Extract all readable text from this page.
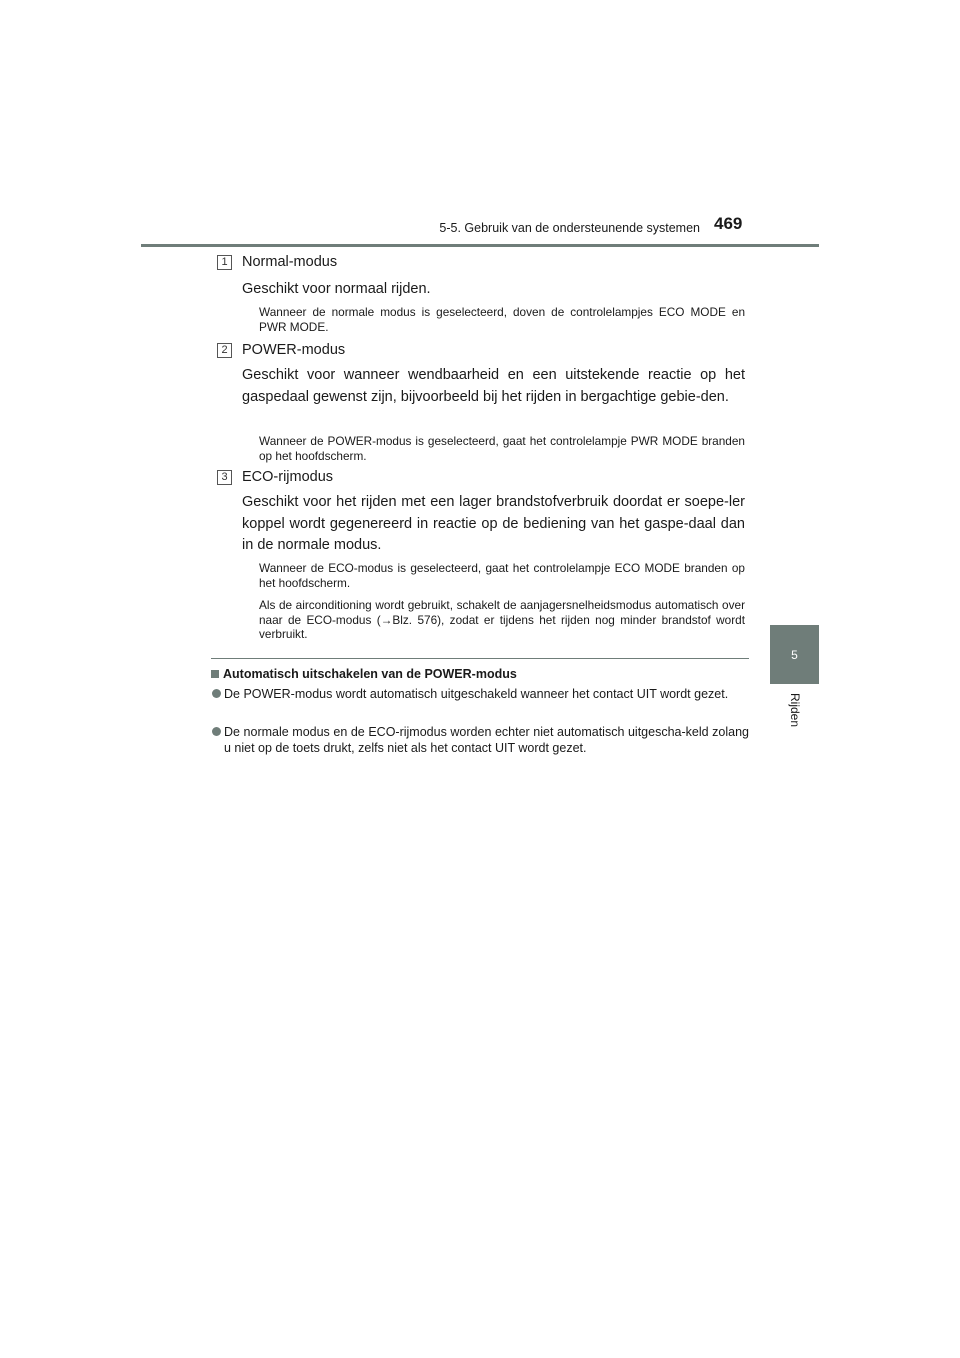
5-5. Gebruik van de ondersteunende systemen 469
5
Rijden
1 Normal-modus
Geschikt voor normaal rijden.
Wanneer de normale modus is geselecteerd, doven de controlelampjes ECO MODE en PWR MODE.
2 POWER-modus
Geschikt voor wanneer wendbaarheid en een uitstekende reactie op het gaspedaal gewenst zijn, bijvoorbeeld bij het rijden in bergachtige gebie-den.
Wanneer de POWER-modus is geselecteerd, gaat het controlelampje PWR MODE branden op het hoofdscherm.
3 ECO-rijmodus
Geschikt voor het rijden met een lager brandstofverbruik doordat er soepe-ler koppel wordt gegenereerd in reactie op de bediening van het gaspe-daal dan in de normale modus.
Wanneer de ECO-modus is geselecteerd, gaat het controlelampje ECO MODE branden op het hoofdscherm.
Als de airconditioning wordt gebruikt, schakelt de aanjagersnelheidsmodus automatisch over naar de ECO-modus (→Blz. 576), zodat er tijdens het rijden nog minder brandstof wordt verbruikt.
Automatisch uitschakelen van de POWER-modus
De POWER-modus wordt automatisch uitgeschakeld wanneer het contact UIT wordt gezet.
De normale modus en de ECO-rijmodus worden echter niet automatisch uitgescha-keld zolang u niet op de toets drukt, zelfs niet als het contact UIT wordt gezet.
